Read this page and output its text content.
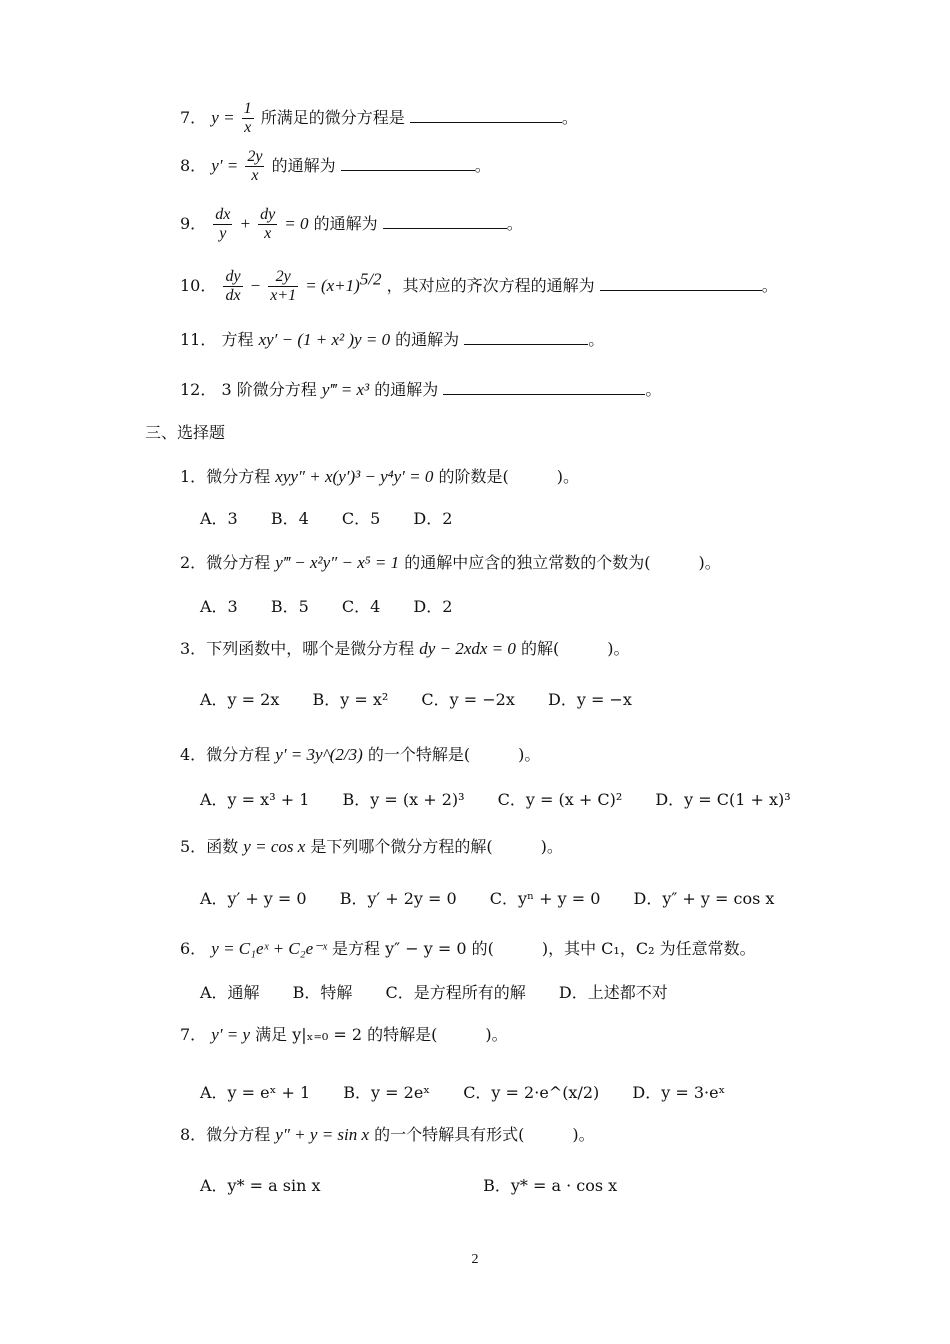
7． $y = \frac{1}{x}$ 所满足的微分方程是	。
8． $y' = \frac{2y}{x}$ 的通解为	。
9． $\frac{dx}{y} + \frac{dy}{x} = 0$ 的通解为	。
10． $\frac{dy}{dx} - \frac{2y}{x+1} = (x+1)^{5/2}$ ，其对应的齐次方程的通解为	。
11． 方程 xy′ − (1 + x² )y = 0 的通解为	。
12． 3 阶微分方程 y‴ = x³ 的通解为	。
三、选择题
1．微分方程 xyy″ + x(y′)³ − y⁴y′ = 0 的阶数是(　　　)。
A．3 B．4 C．5 D．2
2．微分方程 y‴ − x²y″ − x⁵ = 1 的通解中应含的独立常数的个数为(　　　)。
A．3 B．5 C．4 D．2
3．下列函数中，哪个是微分方程 dy − 2xdx = 0 的解(　　　)。
A．y = 2x B．y = x² C．y = −2x D．y = −x
4．微分方程 y′ = 3y^(2/3) 的一个特解是(　　　)。
A．y = x³ + 1 B．y = (x + 2)³ C．y = (x + C)² D．y = C(1 + x)³
5．函数 y = cos x 是下列哪个微分方程的解(　　　)。
A．y′ + y = 0 B．y′ + 2y = 0 C．yⁿ + y = 0 D．y″ + y = cos x
6． y = C₁eˣ + C₂e⁻ˣ 是方程 y″ − y = 0 的(　　　)，其中 C₁，C₂ 为任意常数。
A．通解 B．特解 C．是方程所有的解 D．上述都不对
7． y′ = y 满足 y|ₓ₌₀ = 2 的特解是(　　　)。
A．y = eˣ + 1 B．y = 2eˣ C．y = 2·e^(x/2) D．y = 3·eˣ
8．微分方程 y″ + y = sin x 的一个特解具有形式(　　　)。
A．y* = a sin x	B．y* = a · cos x
2
